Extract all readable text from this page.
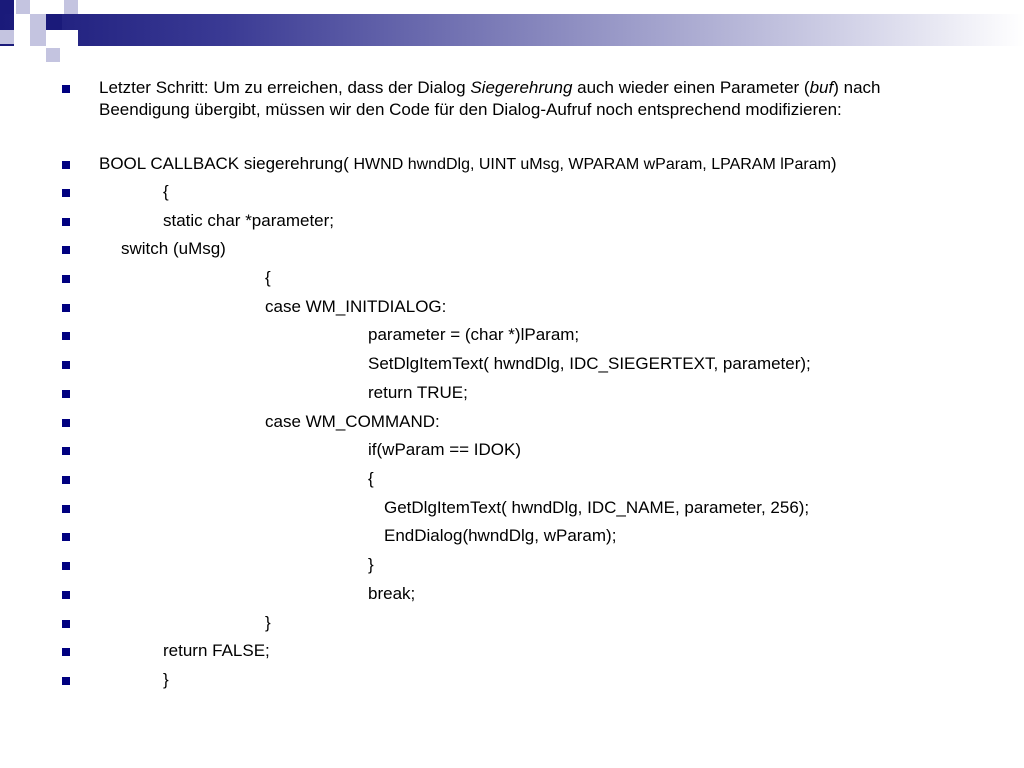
Letzter Schritt: Um zu erreichen, dass der Dialog Siegerehrung auch wieder einen Parameter (buf) nach Beendigung übergibt, müssen wir den Code für den Dialog-Aufruf noch entsprechend modifizieren:
BOOL CALLBACK siegerehrung( HWND hwndDlg, UINT uMsg, WPARAM wParam, LPARAM lParam)
{
static char *parameter;
switch (uMsg)
{
case WM_INITDIALOG:
parameter = (char *)lParam;
SetDlgItemText( hwndDlg, IDC_SIEGERTEXT, parameter);
return TRUE;
case WM_COMMAND:
if(wParam == IDOK)
{
GetDlgItemText( hwndDlg, IDC_NAME, parameter, 256);
EndDialog(hwndDlg, wParam);
}
break;
}
return FALSE;
}
